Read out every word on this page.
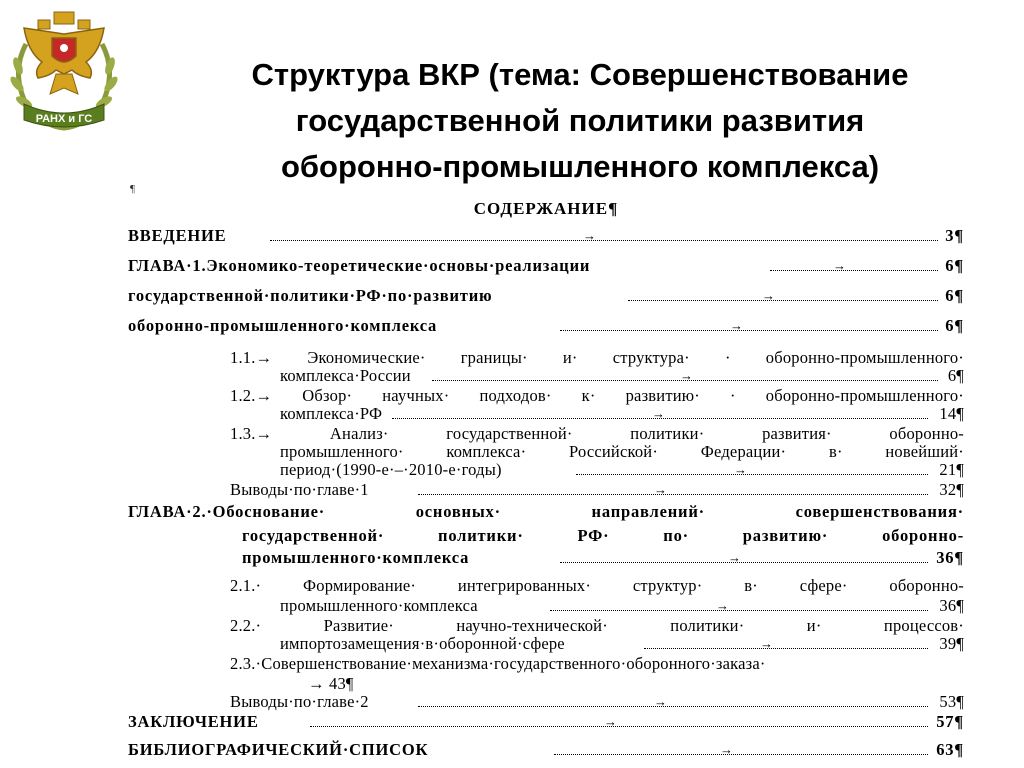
РАНХ и ГС
Структура ВКР (тема: Совершенствование
государственной политики развития
оборонно-промышленного комплекса)
¶
СОДЕРЖАНИЕ¶
ВВЕДЕНИЕ	→	3¶
ГЛАВА·1.Экономико-теоретические·основы·реализации	→	6¶
государственной·политики·РФ·по·развитию	→	6¶
оборонно-промышленного·комплекса	→	6¶
1.1.→ Экономические· границы· и· структура· · оборонно-промышленного·
комплекса·России	→	6¶
1.2.→ Обзор· научных· подходов· к· развитию· · оборонно-промышленного·
комплекса·РФ	→	14¶
1.3.→ Анализ· государственной· политики· развития· оборонно-
промышленного· комплекса· Российской· Федерации· в· новейший·
период·(1990-е·–·2010-е·годы)	→	21¶
Выводы·по·главе·1	→	32¶
ГЛАВА·2.·Обоснование· основных· направлений· совершенствования·
государственной· политики· РФ· по· развитию· оборонно-
промышленного·комплекса	→	36¶
2.1.· Формирование· интегрированных· структур· в· сфере· оборонно-
промышленного·комплекса	→	36¶
2.2.· Развитие· научно-технической· политики· и· процессов·
импортозамещения·в·оборонной·сфере	→	39¶
2.3.·Совершенствование·механизма·государственного·оборонного·заказа·
→ 43¶
Выводы·по·главе·2	→	53¶
ЗАКЛЮЧЕНИЕ	→	57¶
БИБЛИОГРАФИЧЕСКИЙ·СПИСОК	→	63¶
